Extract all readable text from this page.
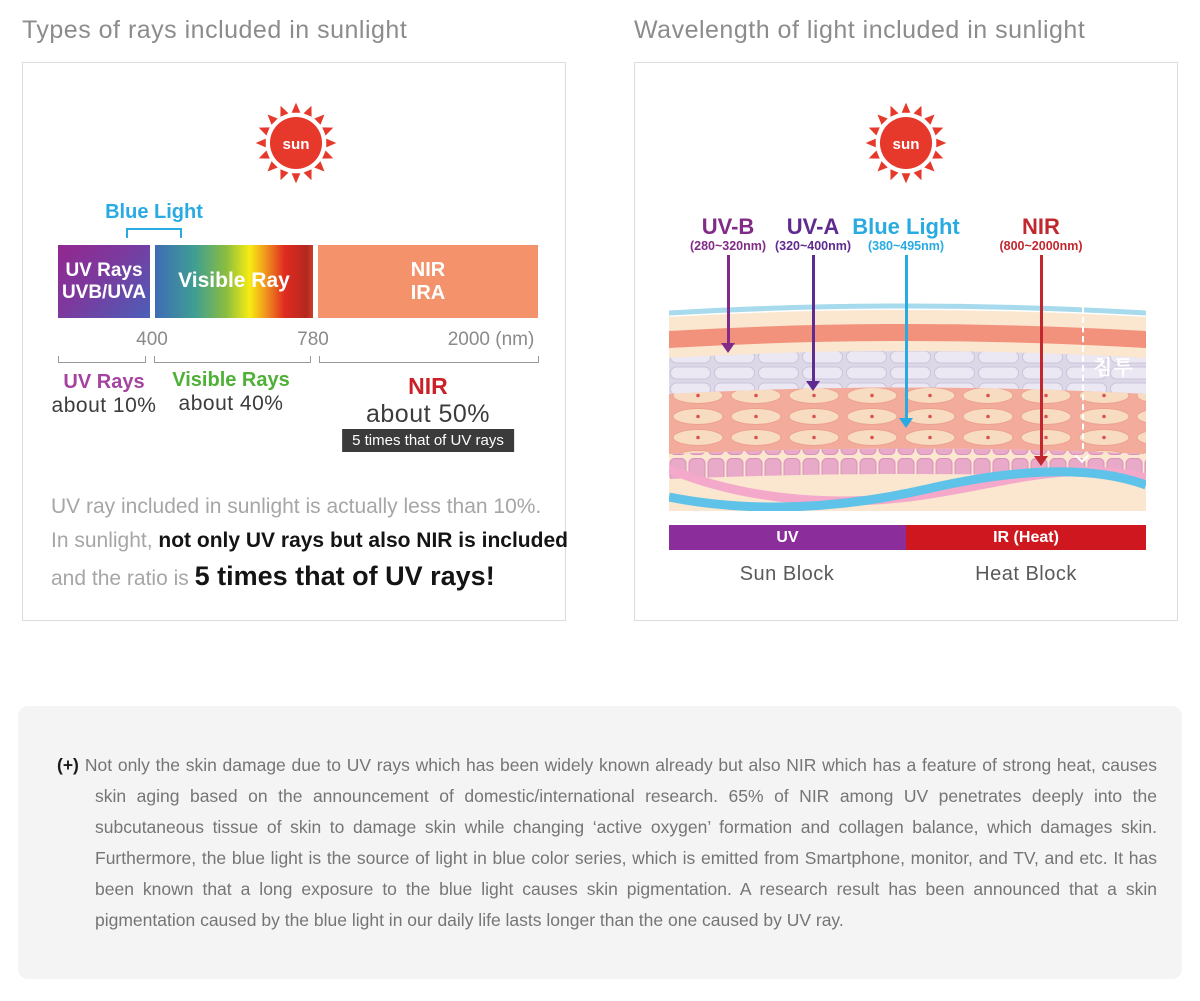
Types of rays included in sunlight	Wavelength of light included in sunlight
sun
Blue Light
UV Rays
UVB/UVA Visible Ray	NIR
IRA
400	780	2000 (nm)
UV Rays
about 10%
Visible Rays
about 40%
NIR
about 50%
5 times that of UV rays
UV ray included in sunlight is actually less than 10%.
In sunlight, not only UV rays but also NIR is included
and the ratio is 5 times that of UV rays!
sun
UV-B
(280~320nm)
UV-A
(320~400nm)
Blue Light
(380~495nm)
NIR
(800~2000nm)
침투
UV	IR (Heat)
Sun Block	Heat Block

(+) Not only the skin damage due to UV rays which has been widely known already but also NIR which has a feature of strong heat, causes skin aging based on the announcement of domestic/international research. 65% of NIR among UV penetrates deeply into the subcutaneous tissue of skin to damage skin while changing ‘active oxygen’ formation and collagen balance, which damages skin. Furthermore, the blue light is the source of light in blue color series, which is emitted from Smartphone, monitor, and TV, and etc. It has been known that a long exposure to the blue light causes skin pigmentation. A research result has been announced that a skin pigmentation caused by the blue light in our daily life lasts longer than the one caused by UV ray.
